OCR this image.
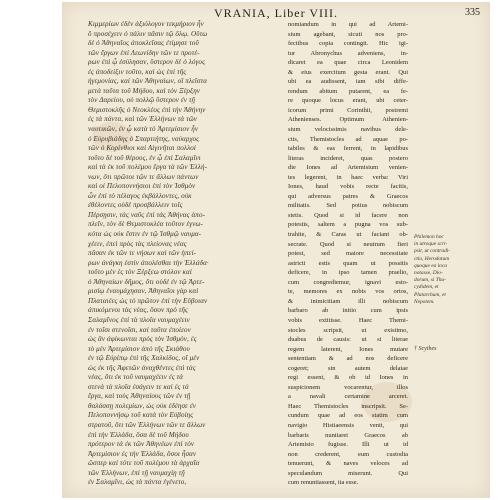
VRANIA, Liber VIII.	335
Κιμμερίων ἐδὲν ἀξιόλογον τεκμήριον ἦν
ὃ προσέχειν ὁ πάλιν πᾶσιν τῷ ὅλῳ. Οὕτω
δὲ ὁ Ἀθηναῖος ἀποκλεῖσας ἐτίμησε τοῦ
τῶν ἔργων ἐπὶ Λεωνίδην τῶν τε προτέ-
ρων ἐπὶ ᾧ ἐσύλησαν, ὕστερον δὲ ὁ λόγος
ἐς ἀποδείξιν τοῦτο, καὶ ὡς ἐπὶ τῆς
ἡγεμονίας, καὶ τῶν Ἀθηναίων, οἳ πλεῖστα
μετὰ ταῦτα τοῦ Μήδου, καὶ τὸν Ξέρξην
τὸν Δαρείου, οὐ πολλῷ ὕστερον ἐν τῇ
Θεμιστοκλῆς ὁ Νεοκλέος ἐπὶ τὴν Ἀθήνην
ἐς τὰ πάντα, καὶ τῶν Ἑλλήνων τὰ τῶν
ναυτικῶν, ἐν ᾧ κατὰ τὸ Ἀρτεμίσιον ἦν
ὁ Εὐρυβιάδης ὁ Σπαρτιήτης, ναύαρχος
τῶν ὁ Κορίνθιοι καὶ Αἰγινῆται πολλοὶ
τοῦτο δὲ τοῦ θέρους, ἐν ᾧ ἐπὶ Σαλαμῖνι
καὶ τὰ ἐκ τοῦ πολέμου ἔργα τὰ τῶν Ἑλλή-
νων, ὅτι πρῶτοι τῶν τε ἄλλων πάντων
καὶ οἱ Πελοποννήσιοι ἐπὶ τὸν Ἰσθμὸν
ὧν ἐπὶ τὸ πέλαγος ἐκβάλλοντες, οὐκ
ἐθέλοντες οὐδὲ προσβάλλειν τοῖς
Πέρσῃσιν, τὰς ναῦς ἐπὶ τὰς Ἀθήνας ἀπο-
πλεῖν, τὸν δὲ Θεμιστοκλέα τοῦτον ἐγνω-
κότα ὡς οὐκ ἔστιν ἐν τῷ Ἰσθμῷ ναυμα-
χέειν, ἐπεὶ πρὸς τὰς πλείονας νέας
πᾶσαν ἐκ τῶν τε νήσων καὶ τῶν ἠπεί-
ρων ἀνάγκη ἐστὶν ἀπολέσθαι τὴν Ἑλλάδα·
τοῦτο μὲν ἐς τὸν Ξέρξεω στόλον καὶ
ὁ Ἀθηναίων δῆμος, ὅτι οὐδὲ ἐν τῷ Ἀρτε-
μισίῳ ἐναυμάχησαν, Ἀθηναῖοι γὰρ καὶ
Πλαταιέες ὡς τὸ πρῶτον ἐπὶ τὴν Εὔβοιαν
ἀπικόμενοι τὰς νέας, ὅσον πρὸ τῆς
Σαλαμῖνος ἐπὶ τὰ πλοῖα ναυμαχέειν
ἐν τοῖσι στενοῖσι, καὶ ταῦτα ἐποίεον
ὡς ἂν ἀφίκωνται πρὸς τὸν Ἰσθμὸν, ἐς
τὸ μὲν Ἀρτεμίσιον ἀπὸ τῆς Σκιάθου
ἐν τῷ Εὐρίπῳ ἐπὶ τῆς Χαλκίδος, οἳ μὲν
ὡς ἐκ τῆς Ἀφετῶν ἀναχθέντες ἐπὶ τὰς
νέας, ὅτι ἐκ τοῦ ναυμαχέειν ἐς τὰ
στενὰ τὰ πλοῖα ἐσάγειν τε καὶ ἐς τὰ
ἔργα, καὶ τοὺς Ἀθηναίους τῶν ἐν τῇ
θαλάσσῃ πολεμίων, ὡς οὐκ ἐδέησε ἐν
Πελοποννήσῳ τοῦ κατὰ τὸν Εὐβοίης
στρατοῦ, ὅτι τῶν Ἑλλήνων τῶν τε ἄλλων
ἐπὶ τὴν Ἑλλάδα, ὅσα δὲ τοῦ Μήδου
πρότερον τὰ ἐκ τῶν Ἀθηνέων ἐπὶ τὸν
Ἀρτεμίσιον ἐς τὴν Ἑλλάδα, ὅσοι ἦσαν
ὥσπερ καὶ τότε τοῦ πολέμου τὰ ἀρχαῖα
τῶν Ἑλλήνων, ἐπὶ τῇ ναυμαχίῃ τῇ
ἐν Σαλαμῖνι, ὡς τὰ πάντα ἐγένετο,
nomiandum in qui ad Artemi-
sium agebant, sicuti nos pro-
fectibus copia contingit. Hic igi-
tur Abronychus adveniens, in-
dicaret ea quae circa Leonidem
& eius exercitum gesta erant. Qui
ubi ea audissent, iam sibi diffe-
rendum abitum putarent, ea fe-
re quoque locus erant, ubi ceter-
icorum primi Corinthii, postremi
Athenienses. Optimum Athenien-
sium velocissimis navibus dele-
ctis, Themistocles ad aquae po-
tabiles & eas ferrent, in lapidibus
literas incideret, quas postero
die Iones ad Artemisium venien-
tes legerent, in haec verba: Viri
Iones, haud vobis recte facitis,
qui adversus patres & Graecos
militatis. Sed potius nobiscum
stetis. Quod si id facere non
potestis, saltem a pugna vos sub-
trahite, & Caras ut faciant ob-
secrate. Quod si neutrum fieri
potest, sed maiore necessitate
astricti estis quam ut possitis
deficere, in ipso tamen praelio,
cum congrediemur, ignavi esto-
te, memores ex nobis vos ortos,
& inimicitiam illi nobiscum
barbaro ab initio cum ipsis
vobis extitisse. Haec Themi-
stocles scripsit, ut existimo,
duabus de causis: ut si literae
regem laterent, Iones mutare
sententiam & ad nos deficere
cogeret; sin autem delatae
regi essent, & ob id Iones in
suspicionem vocarentur, illos
a navali certamine arceret.
Haec Themistocles inscripsit. Se-
cundum quae ad eos statim cum
navigio Histiaeensis venit, qui
barbaris nuntiaret Graecos ab
Artemisio fugisse. Illi ut id
non crederent, eum custodia
tenuerunt, & naves veloces ad
speculandum miserunt. Qui
cum renuntiassent, ita esse.
Philemon hoc
in utroque scri-
psit, ut contradi-
ctio, Herodotum
quoque ea loca
notasse, Dio-
dorum, si Thu-
cydidem, et
Plutarchum, et
Nepotem.
† Scythes
